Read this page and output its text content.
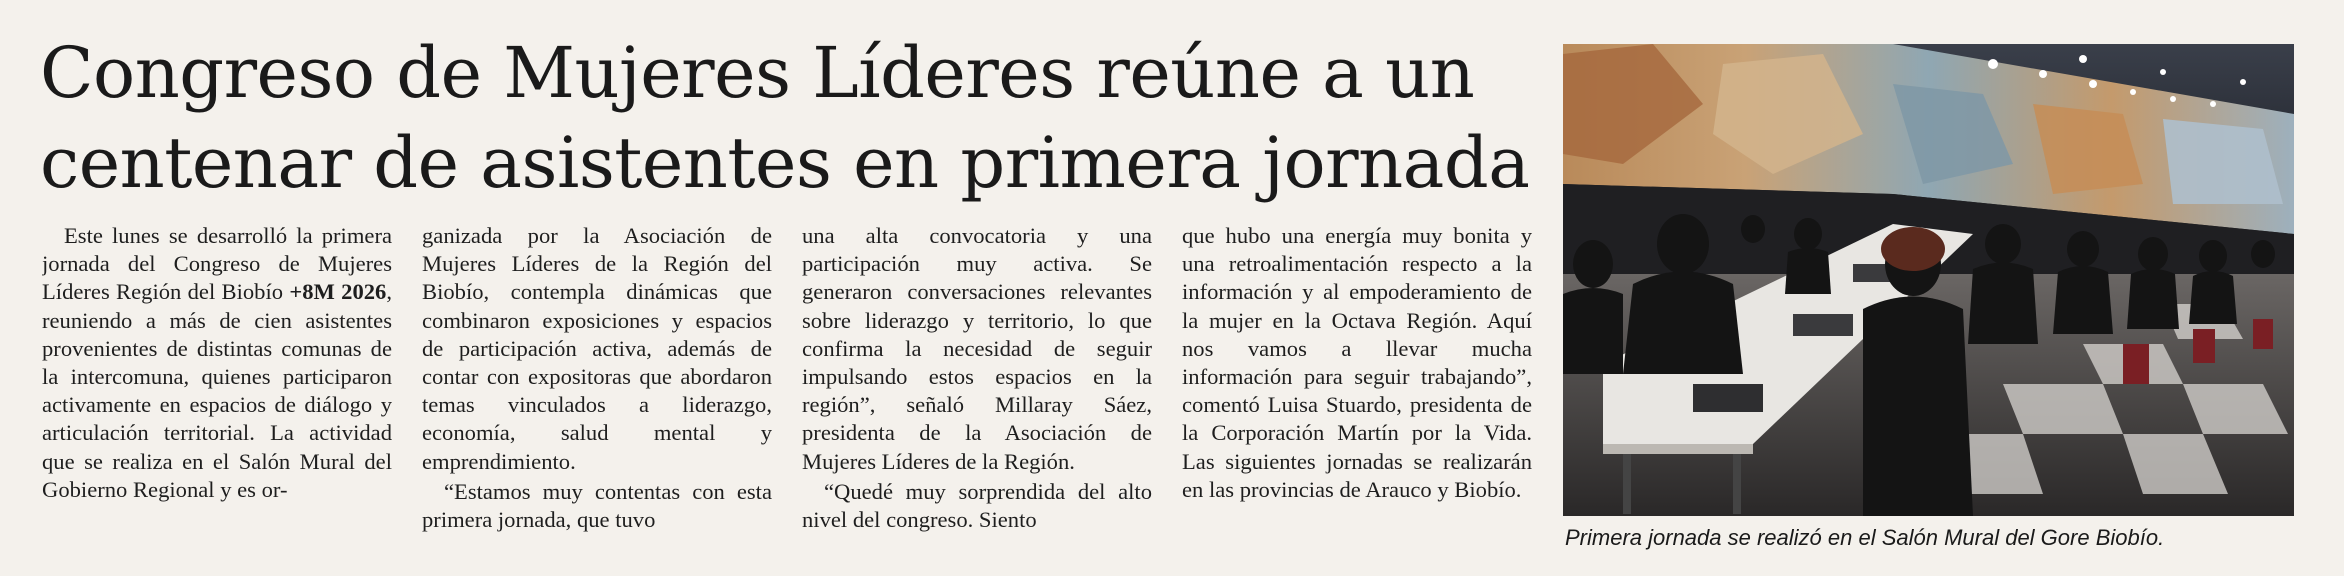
Congreso de Mujeres Líderes reúne a un
centenar de asistentes en primera jornada

Este lunes se desarrolló la primera jornada del Congreso de Mujeres Líderes Región del Biobío +8M 2026, reuniendo a más de cien asistentes provenientes de distintas comunas de la intercomuna, quienes participaron activamente en espacios de diálogo y articulación territorial. La actividad que se realiza en el Salón Mural del Gobierno Regional y es or-

ganizada por la Asociación de Mujeres Líderes de la Región del Biobío, contempla dinámicas que combinaron exposiciones y espacios de participación activa, además de contar con expositoras que abordaron temas vinculados a liderazgo, economía, salud mental y emprendimiento.

“Estamos muy contentas con esta primera jornada, que tuvo

una alta convocatoria y una participación muy activa. Se generaron conversaciones relevantes sobre liderazgo y territorio, lo que confirma la necesidad de seguir impulsando estos espacios en la región”, señaló Millaray Sáez, presidenta de la Asociación de Mujeres Líderes de la Región.

“Quedé muy sorprendida del alto nivel del congreso. Siento

que hubo una energía muy bonita y una retroalimentación respecto a la información y al empoderamiento de la mujer en la Octava Región. Aquí nos vamos a llevar mucha información para seguir trabajando”, comentó Luisa Stuardo, presidenta de la Corporación Martín por la Vida. Las siguientes jornadas se realizarán en las provincias de Arauco y Biobío.

Primera jornada se realizó en el Salón Mural del Gore Biobío.
